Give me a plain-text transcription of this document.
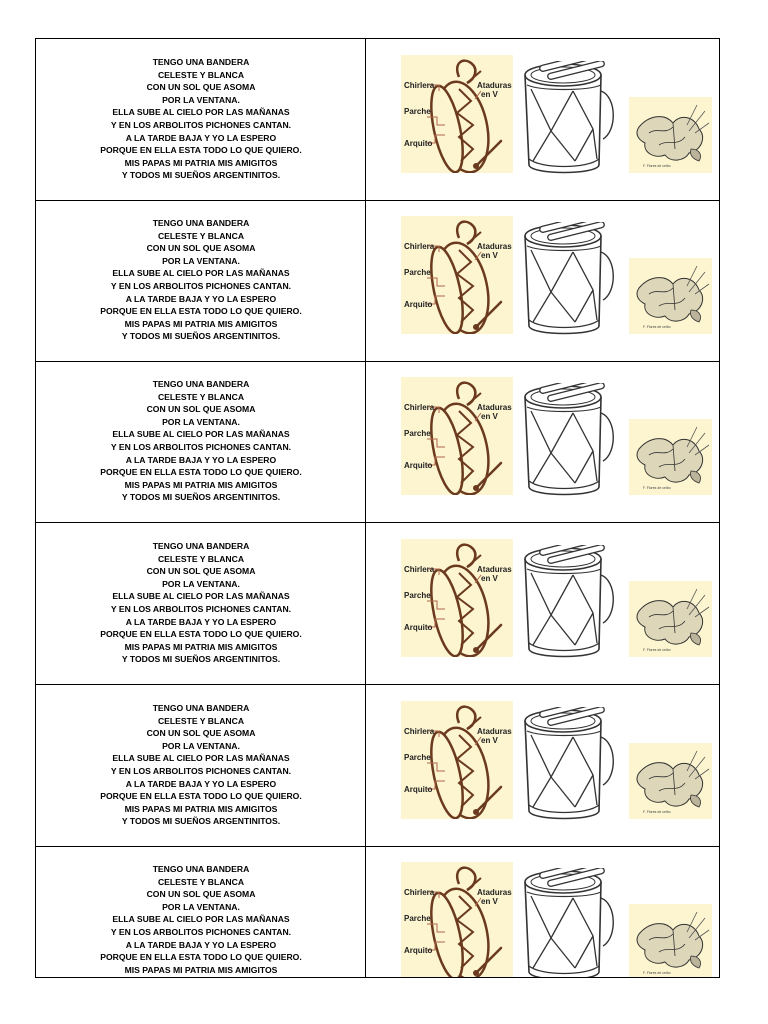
TENGO UNA BANDERA
CELESTE Y BLANCA
CON UN SOL QUE ASOMA
POR LA VENTANA.
ELLA SUBE AL CIELO POR LAS MAÑANAS
Y EN LOS ARBOLITOS PICHONES CANTAN.
A LA TARDE BAJA Y YO LA ESPERO
PORQUE EN ELLA ESTA TODO LO QUE QUIERO.
MIS PAPAS MI PATRIA MIS AMIGITOS
Y TODOS MI SUEÑOS ARGENTINITOS.
Chirlera
Parche
Arquito
Ataduras
en V
F. Flores de ceibo
TENGO UNA BANDERA
CELESTE Y BLANCA
CON UN SOL QUE ASOMA
POR LA VENTANA.
ELLA SUBE AL CIELO POR LAS MAÑANAS
Y EN LOS ARBOLITOS PICHONES CANTAN.
A LA TARDE BAJA Y YO LA ESPERO
PORQUE EN ELLA ESTA TODO LO QUE QUIERO.
MIS PAPAS MI PATRIA MIS AMIGITOS
Y TODOS MI SUEÑOS ARGENTINITOS.
Chirlera
Parche
Arquito
Ataduras
en V
F. Flores de ceibo
TENGO UNA BANDERA
CELESTE Y BLANCA
CON UN SOL QUE ASOMA
POR LA VENTANA.
ELLA SUBE AL CIELO POR LAS MAÑANAS
Y EN LOS ARBOLITOS PICHONES CANTAN.
A LA TARDE BAJA Y YO LA ESPERO
PORQUE EN ELLA ESTA TODO LO QUE QUIERO.
MIS PAPAS MI PATRIA MIS AMIGITOS
Y TODOS MI SUEÑOS ARGENTINITOS.
Chirlera
Parche
Arquito
Ataduras
en V
F. Flores de ceibo
TENGO UNA BANDERA
CELESTE Y BLANCA
CON UN SOL QUE ASOMA
POR LA VENTANA.
ELLA SUBE AL CIELO POR LAS MAÑANAS
Y EN LOS ARBOLITOS PICHONES CANTAN.
A LA TARDE BAJA Y YO LA ESPERO
PORQUE EN ELLA ESTA TODO LO QUE QUIERO.
MIS PAPAS MI PATRIA MIS AMIGITOS
Y TODOS MI SUEÑOS ARGENTINITOS.
Chirlera
Parche
Arquito
Ataduras
en V
F. Flores de ceibo
TENGO UNA BANDERA
CELESTE Y BLANCA
CON UN SOL QUE ASOMA
POR LA VENTANA.
ELLA SUBE AL CIELO POR LAS MAÑANAS
Y EN LOS ARBOLITOS PICHONES CANTAN.
A LA TARDE BAJA Y YO LA ESPERO
PORQUE EN ELLA ESTA TODO LO QUE QUIERO.
MIS PAPAS MI PATRIA MIS AMIGITOS
Y TODOS MI SUEÑOS ARGENTINITOS.
Chirlera
Parche
Arquito
Ataduras
en V
F. Flores de ceibo
TENGO UNA BANDERA
CELESTE Y BLANCA
CON UN SOL QUE ASOMA
POR LA VENTANA.
ELLA SUBE AL CIELO POR LAS MAÑANAS
Y EN LOS ARBOLITOS PICHONES CANTAN.
A LA TARDE BAJA Y YO LA ESPERO
PORQUE EN ELLA ESTA TODO LO QUE QUIERO.
MIS PAPAS MI PATRIA MIS AMIGITOS
Chirlera
Parche
Arquito
Ataduras
en V
F. Flores de ceibo
